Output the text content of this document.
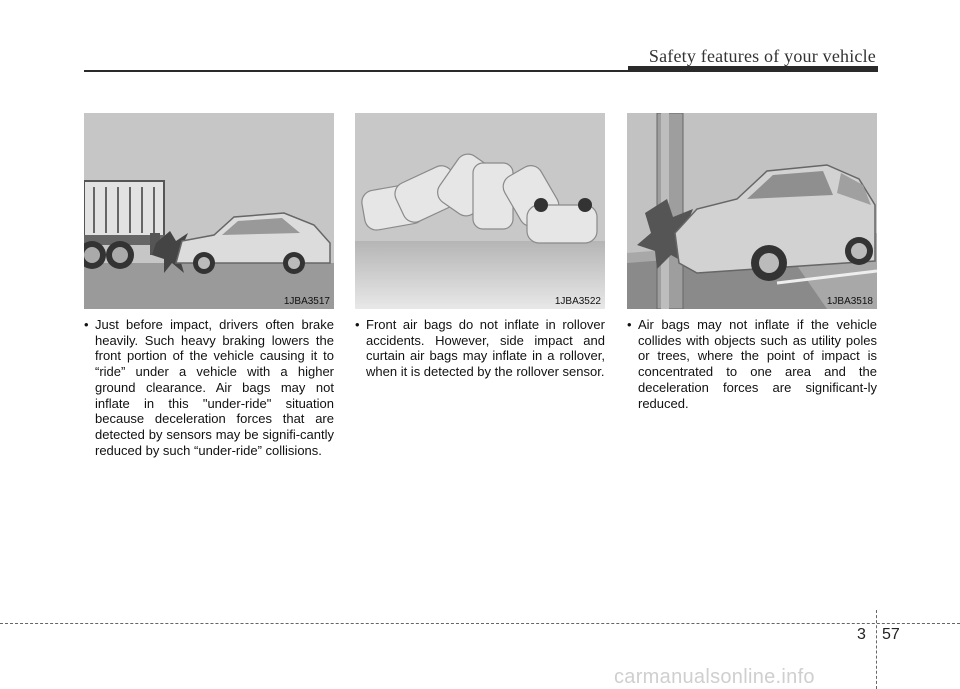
Safety features of your vehicle
1JBA3517	1JBA3522	1JBA3518
• Just before impact, drivers often brake heavily. Such heavy braking lowers the front portion of the vehicle causing it to “ride” under a vehicle with a higher ground clearance. Air bags may not inflate in this "under-ride" situation because deceleration forces that are detected by sensors may be signifi-cantly reduced by such “under-ride” collisions.
• Front air bags do not inflate in rollover accidents. However, side impact and curtain air bags may inflate in a rollover, when it is detected by the rollover sensor.
• Air bags may not inflate if the vehicle collides with objects such as utility poles or trees, where the point of impact is concentrated to one area and the deceleration forces are significant-ly reduced.
3 57
carmanualsonline.info
